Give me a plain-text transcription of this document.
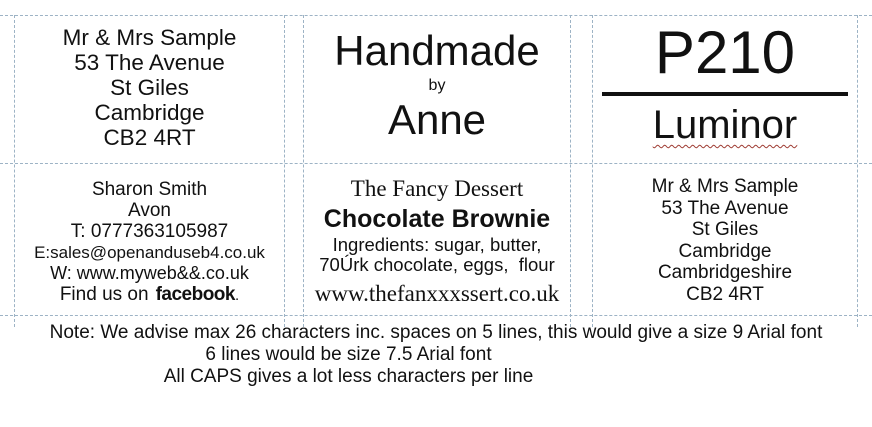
Mr & Mrs Sample
53 The Avenue
St Giles
Cambridge
CB2 4RT
Handmade
by
Anne
P210
Luminor
Sharon Smith
Avon
T: 0777363105987
E:sales@openanduseb4.co.uk
W: www.myweb&&.co.uk
Find us on facebook.
The Fancy Dessert
Chocolate Brownie
Ingredients: sugar, butter,
70Úrk chocolate, eggs,  flour
www.thefanxxxssert.co.uk
Mr & Mrs Sample
53 The Avenue
St Giles
Cambridge
Cambridgeshire
CB2 4RT
Note: We advise max 26 characters inc. spaces on 5 lines, this would give a size 9 Arial font
6 lines would be size 7.5 Arial font
All CAPS gives a lot less characters per line
